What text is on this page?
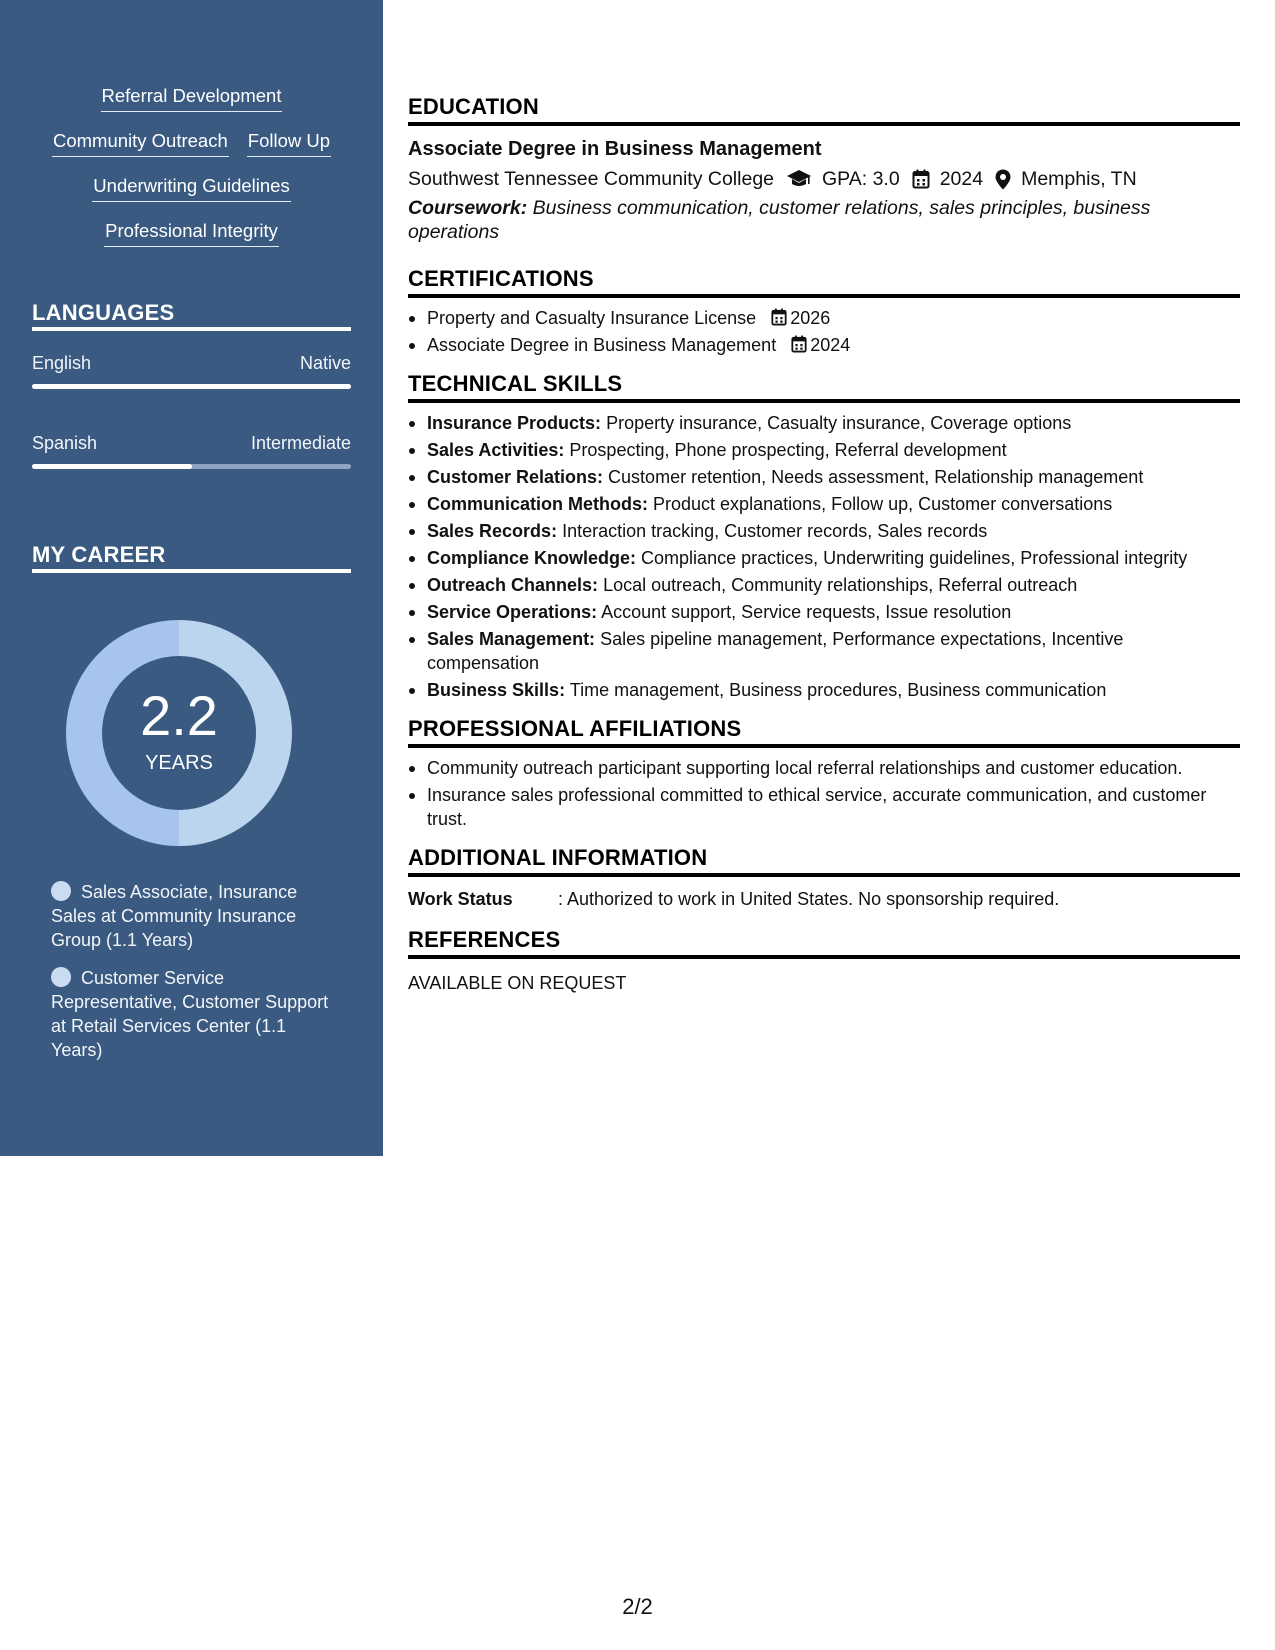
Referral Development
Community Outreach Follow Up
Underwriting Guidelines
Professional Integrity
LANGUAGES
English	Native
Spanish	Intermediate
MY CAREER
2.2
YEARS
Sales Associate, Insurance Sales at Community Insurance Group (1.1 Years)
Customer Service Representative, Customer Support at Retail Services Center (1.1 Years)
EDUCATION
Associate Degree in Business Management
Southwest Tennessee Community College GPA: 3.0 2024 Memphis, TN
Coursework: Business communication, customer relations, sales principles, business operations
CERTIFICATIONS
Property and Casualty Insurance License 2026
Associate Degree in Business Management 2024
TECHNICAL SKILLS
Insurance Products: Property insurance, Casualty insurance, Coverage options
Sales Activities: Prospecting, Phone prospecting, Referral development
Customer Relations: Customer retention, Needs assessment, Relationship management
Communication Methods: Product explanations, Follow up, Customer conversations
Sales Records: Interaction tracking, Customer records, Sales records
Compliance Knowledge: Compliance practices, Underwriting guidelines, Professional integrity
Outreach Channels: Local outreach, Community relationships, Referral outreach
Service Operations: Account support, Service requests, Issue resolution
Sales Management: Sales pipeline management, Performance expectations, Incentive compensation
Business Skills: Time management, Business procedures, Business communication
PROFESSIONAL AFFILIATIONS
Community outreach participant supporting local referral relationships and customer education.
Insurance sales professional committed to ethical service, accurate communication, and customer trust.
ADDITIONAL INFORMATION
Work Status	: Authorized to work in United States. No sponsorship required.
REFERENCES
AVAILABLE ON REQUEST
2/2
